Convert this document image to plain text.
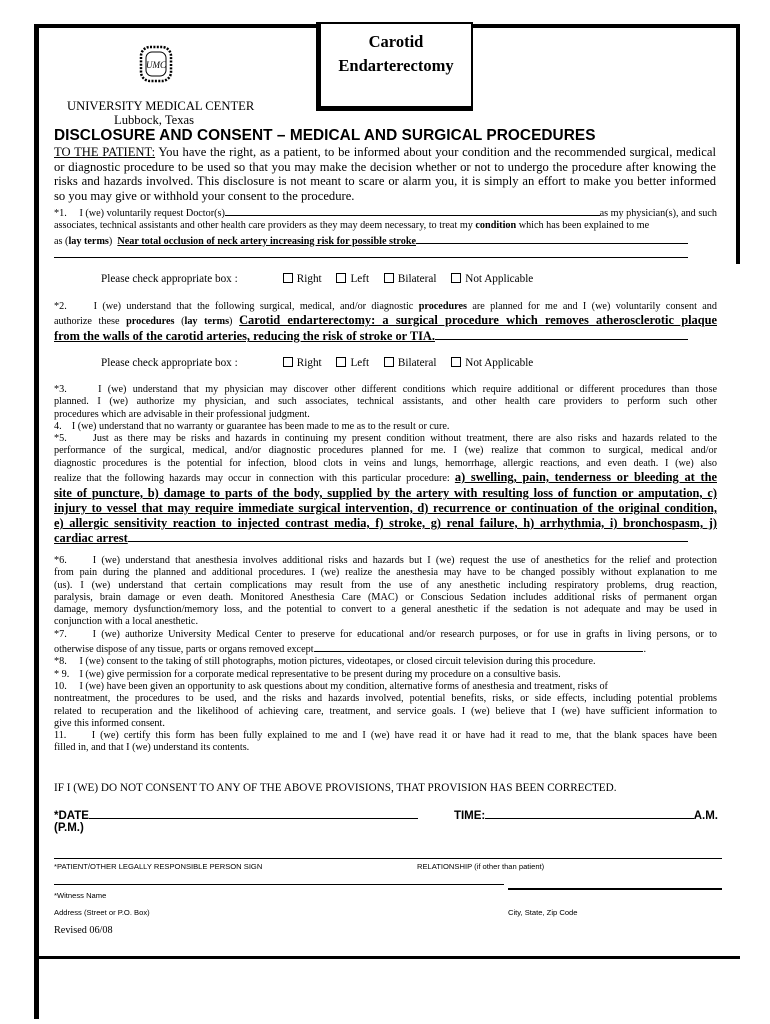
Carotid
Endarterectomy
UMC
UNIVERSITY MEDICAL CENTER
Lubbock, Texas
DISCLOSURE AND CONSENT – MEDICAL AND SURGICAL PROCEDURES
TO THE PATIENT: You have the right, as a patient, to be informed about your condition and the recommended surgical, medical
or diagnostic procedure to be used so that you may make the decision whether or not to undergo the procedure after knowing the
risks and hazards involved. This disclosure is not meant to scare or alarm you, it is simply an effort to make you better informed
so you may give or withhold your consent to the procedure.
*1.     I (we) voluntarily request Doctor(s)	as my physician(s), and such
associates, technical assistants and other health care providers as they may deem necessary, to treat my condition which has been explained to me
as ( lay terms ) Near total occlusion of neck artery increasing risk for possible stroke
Please check appropriate box :	Right	Left	Bilateral	Not Applicable
*2.     I (we) understand that the following surgical, medical, and/or diagnostic procedures are planned for me and I (we) voluntarily consent and
authorize these procedures (lay terms) Carotid endarterectomy: a surgical procedure which removes atherosclerotic plaque
from the walls of the carotid arteries, reducing the risk of stroke or TIA.
Please check appropriate box :	Right	Left	Bilateral	Not Applicable
*3.     I (we) understand that my physician may discover other different conditions which require additional or different procedures than those
planned. I (we) authorize my physician, and such associates, technical assistants, and other health care providers to perform such other
procedures which are advisable in their professional judgment.
4.    I (we) understand that no warranty or guarantee has been made to me as to the result or cure.
*5.     Just as there may be risks and hazards in continuing my present condition without treatment, there are also risks and hazards related to the
performance of the surgical, medical, and/or diagnostic procedures planned for me. I (we) realize that common to surgical, medical and/or
diagnostic procedures is the potential for infection, blood clots in veins and lungs, hemorrhage, allergic reactions, and even death. I (we) also
realize that the following hazards may occur in connection with this particular procedure: a) swelling, pain, tenderness or bleeding at the
site of puncture, b) damage to parts of the body, supplied by the artery with resulting loss of function or amputation, c)
injury to vessel that may require immediate surgical intervention, d) recurrence or continuation of the original condition,
e) allergic sensitivity reaction to injected contrast media, f) stroke, g) renal failure, h) arrhythmia, i) bronchospasm, j)
cardiac arrest
*6.     I (we) understand that anesthesia involves additional risks and hazards but I (we) request the use of anesthetics for the relief and protection
from pain during the planned and additional procedures. I (we) realize the anesthesia may have to be changed possibly without explanation to me
(us). I (we) understand that certain complications may result from the use of any anesthetic including respiratory problems, drug reaction,
paralysis, brain damage or even death. Monitored Anesthesia Care (MAC) or Conscious Sedation includes additional risks of permanent organ
damage, memory dysfunction/memory loss, and the potential to convert to a general anesthetic if the sedation is not adequate and may be used in
conjunction with a local anesthetic.
*7.     I (we) authorize University Medical Center to preserve for educational and/or research purposes, or for use in grafts in living persons, or to
otherwise dispose of any tissue, parts or organs removed except	.
*8.     I (we) consent to the taking of still photographs, motion pictures, videotapes, or closed circuit television during this procedure.
* 9.    I (we) give permission for a corporate medical representative to be present during my procedure on a consultive basis.
10.     I (we) have been given an opportunity to ask questions about my condition, alternative forms of anesthesia and treatment, risks of
nontreatment, the procedures to be used, and the risks and hazards involved, potential benefits, risks, or side effects, including potential problems
related to recuperation and the likelihood of achieving care, treatment, and service goals. I (we) believe that I (we) have sufficient information to
give this informed consent.
11.     I (we) certify this form has been fully explained to me and I (we) have read it or have had it read to me, that the blank spaces have been
filled in, and that I (we) understand its contents.
IF I (WE) DO NOT CONSENT TO ANY OF THE ABOVE PROVISIONS, THAT PROVISION HAS BEEN CORRECTED.
*DATE	TIME:	A.M.
(P.M.)
*PATIENT/OTHER LEGALLY RESPONSIBLE PERSON SIGN	RELATIONSHIP (if other than patient)
*Witness Name
Address (Street or P.O. Box)	City, State, Zip Code
Revised 06/08
